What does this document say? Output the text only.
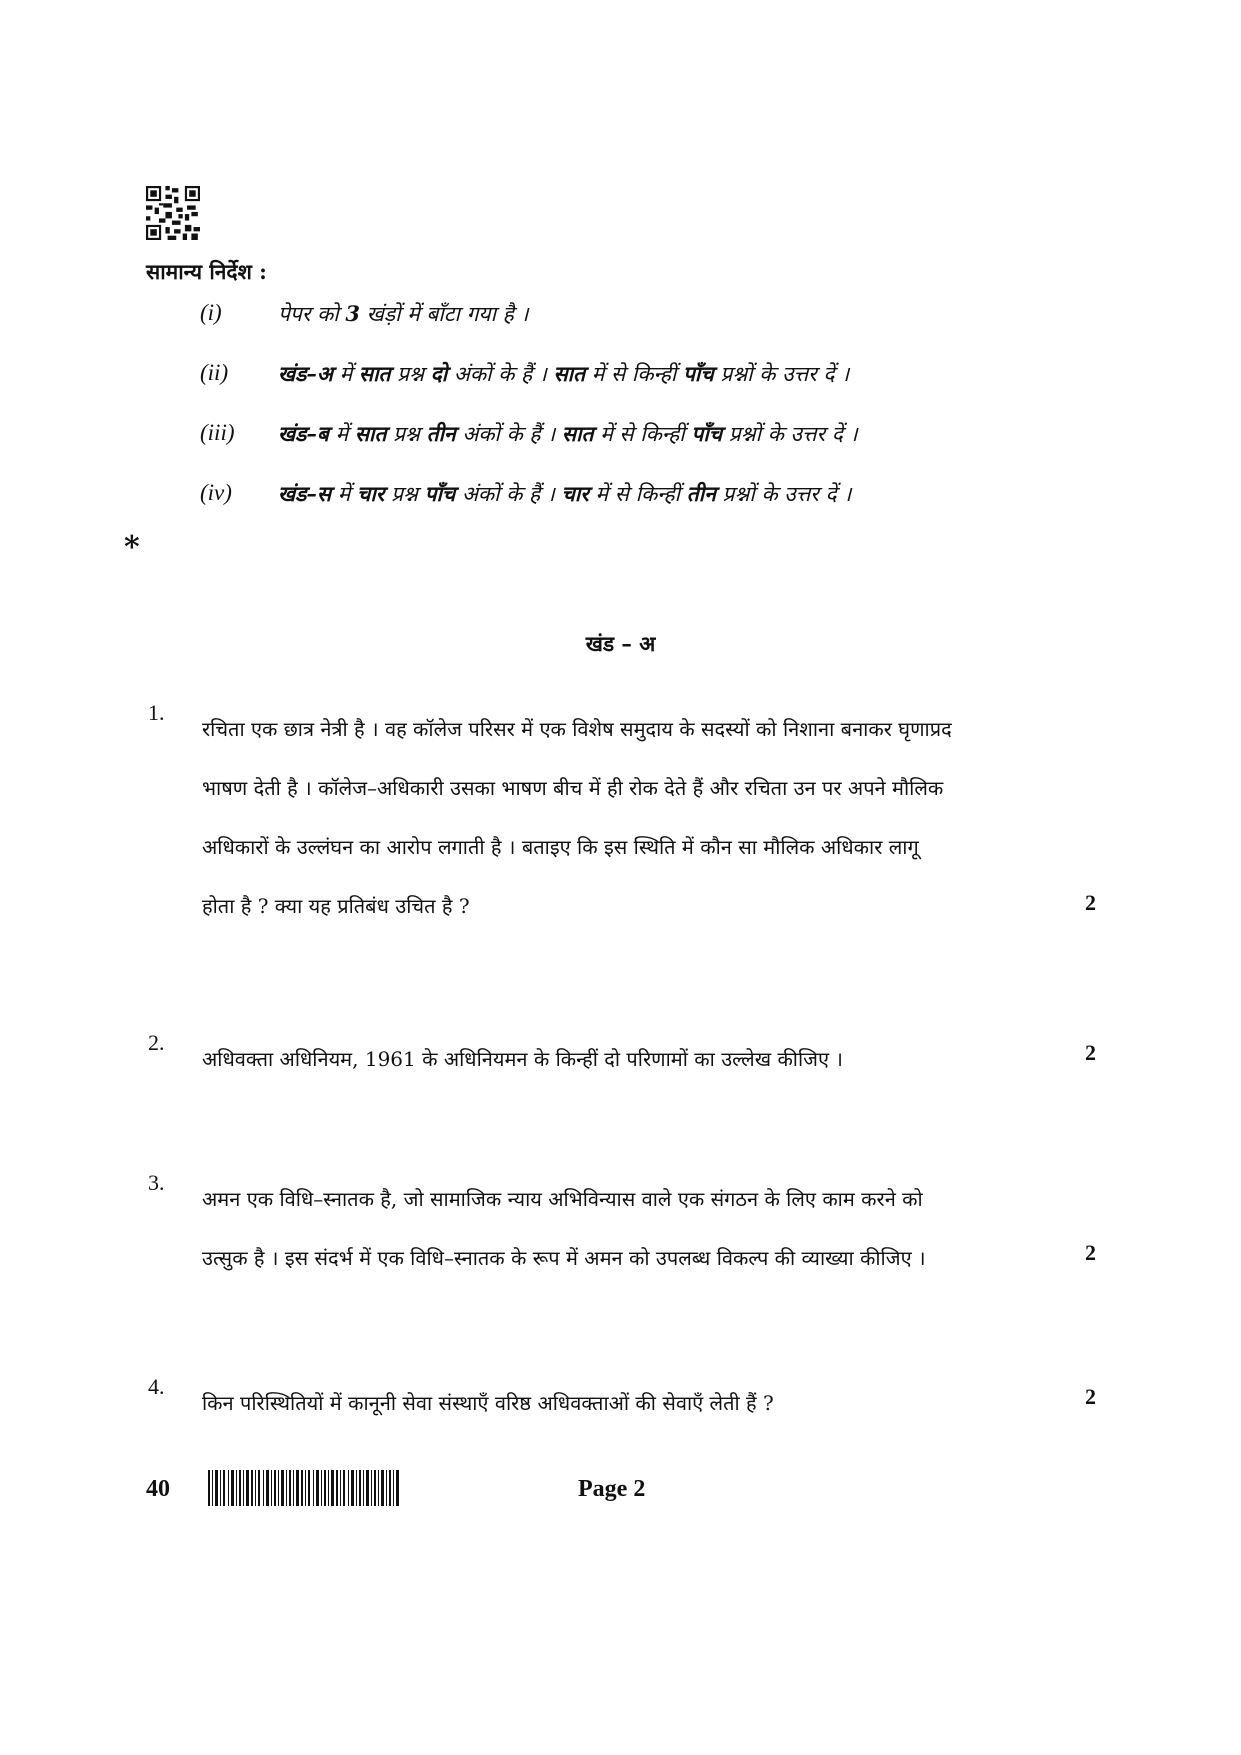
सामान्य निर्देश :
(i)	पेपर को 3 खंड़ों में बाँटा गया है ।
(ii)	खंड–अ में सात प्रश्न दो अंकों के हैं । सात में से किन्हीं पाँच प्रश्नों के उत्तर दें ।
(iii)	खंड–ब में सात प्रश्न तीन अंकों के हैं । सात में से किन्हीं पाँच प्रश्नों के उत्तर दें ।
(iv)	खंड–स में चार प्रश्न पाँच अंकों के हैं । चार में से किन्हीं तीन प्रश्नों के उत्तर दें ।
*
खंड – अ
1.
रचिता एक छात्र नेत्री है । वह कॉलेज परिसर में एक विशेष समुदाय के सदस्यों को निशाना बनाकर घृणाप्रद
भाषण देती है । कॉलेज–अधिकारी उसका भाषण बीच में ही रोक देते हैं और रचिता उन पर अपने मौलिक
अधिकारों के उल्लंघन का आरोप लगाती है । बताइए कि इस स्थिति में कौन सा मौलिक अधिकार लागू
होता है ? क्या यह प्रतिबंध उचित है ?	2
2.
अधिवक्ता अधिनियम, 1961 के अधिनियमन के किन्हीं दो परिणामों का उल्लेख कीजिए ।	2
3.
अमन एक विधि–स्नातक है, जो सामाजिक न्याय अभिविन्यास वाले एक संगठन के लिए काम करने को
उत्सुक है । इस संदर्भ में एक विधि–स्नातक के रूप में अमन को उपलब्ध विकल्प की व्याख्या कीजिए ।	2
4.
किन परिस्थितियों में कानूनी सेवा संस्थाएँ वरिष्ठ अधिवक्ताओं की सेवाएँ लेती हैं ?	2
40	Page 2
